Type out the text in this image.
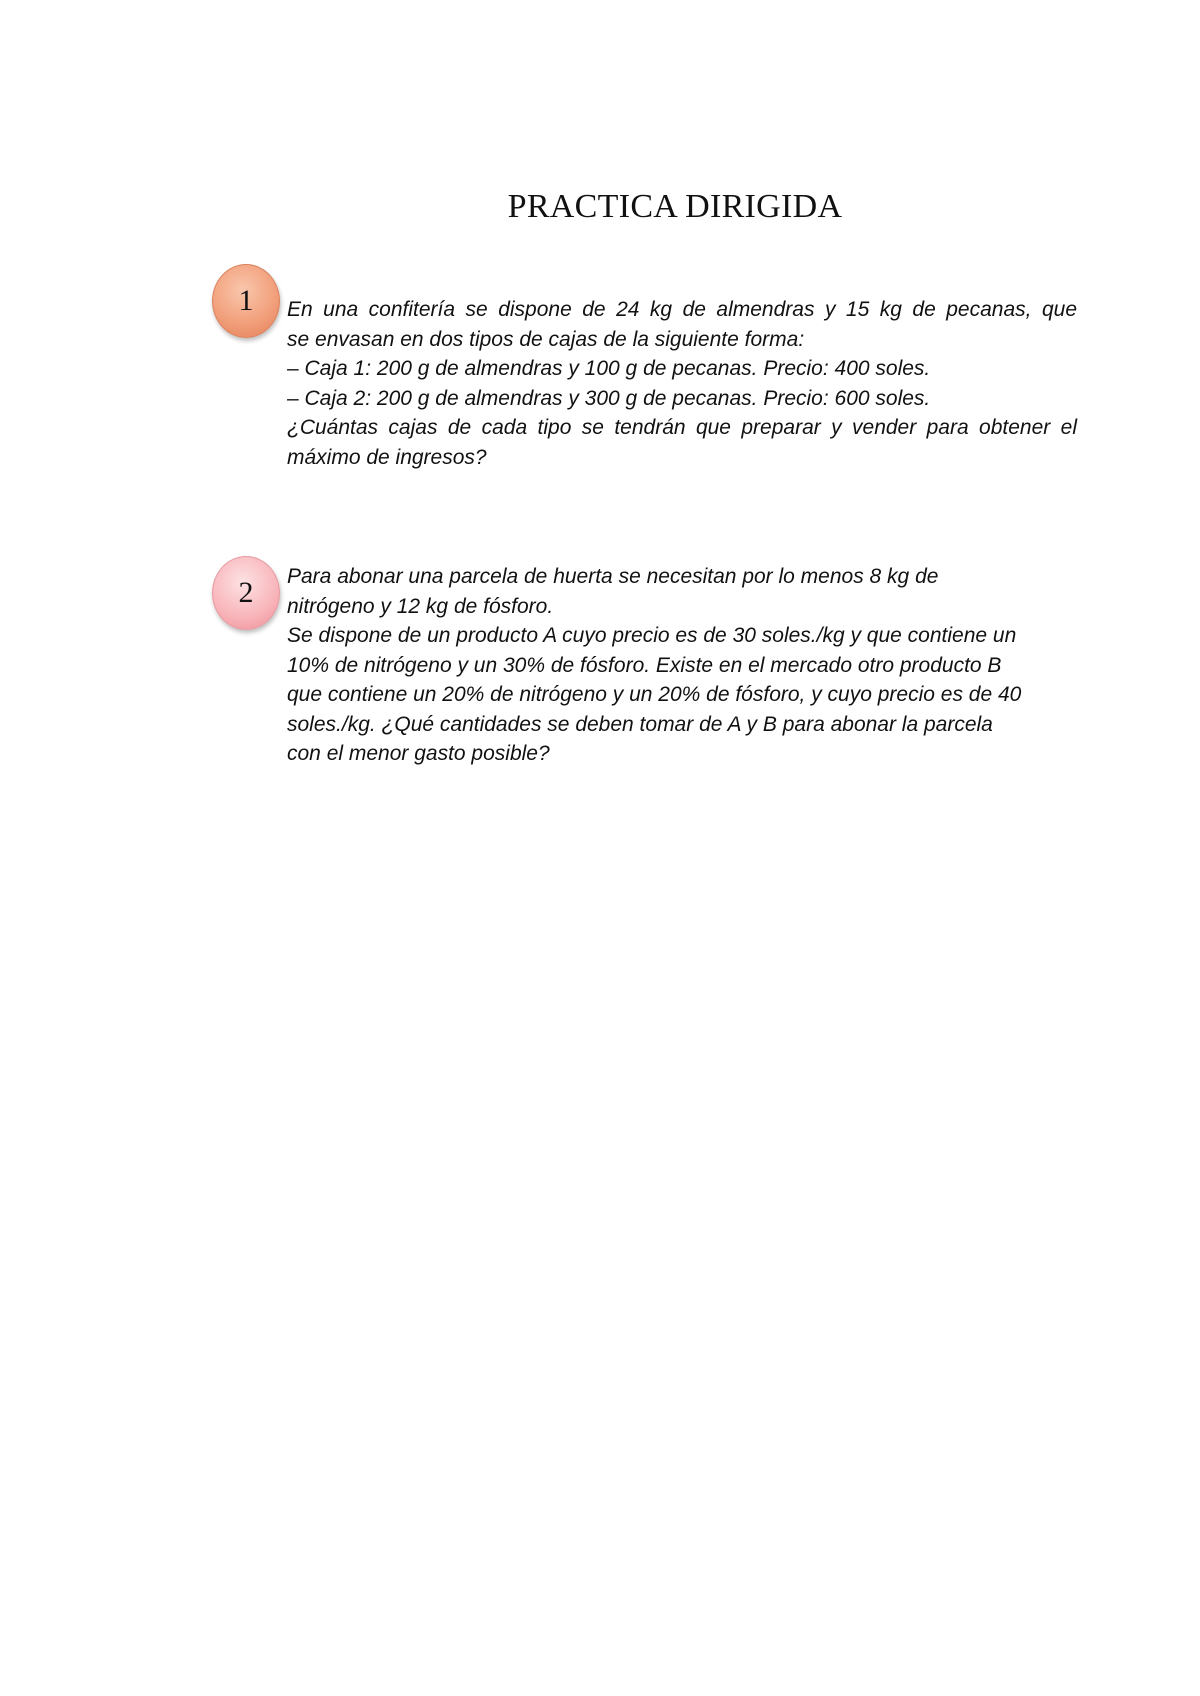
PRACTICA DIRIGIDA
1 En una confitería se dispone de 24 kg de almendras y 15 kg de pecanas, que
se envasan en dos tipos de cajas de la siguiente forma:
– Caja 1: 200 g de almendras y 100 g de pecanas. Precio: 400 soles.
– Caja 2: 200 g de almendras y 300 g de pecanas. Precio: 600 soles.
¿Cuántas cajas de cada tipo se tendrán que preparar y vender para obtener el
máximo de ingresos?
2 Para abonar una parcela de huerta se necesitan por lo menos 8 kg de
nitrógeno y 12 kg de fósforo.
Se dispone de un producto A cuyo precio es de 30 soles./kg y que contiene un
10% de nitrógeno y un 30% de fósforo. Existe en el mercado otro producto B
que contiene un 20% de nitrógeno y un 20% de fósforo, y cuyo precio es de 40
soles./kg. ¿Qué cantidades se deben tomar de A y B para abonar la parcela
con el menor gasto posible?
